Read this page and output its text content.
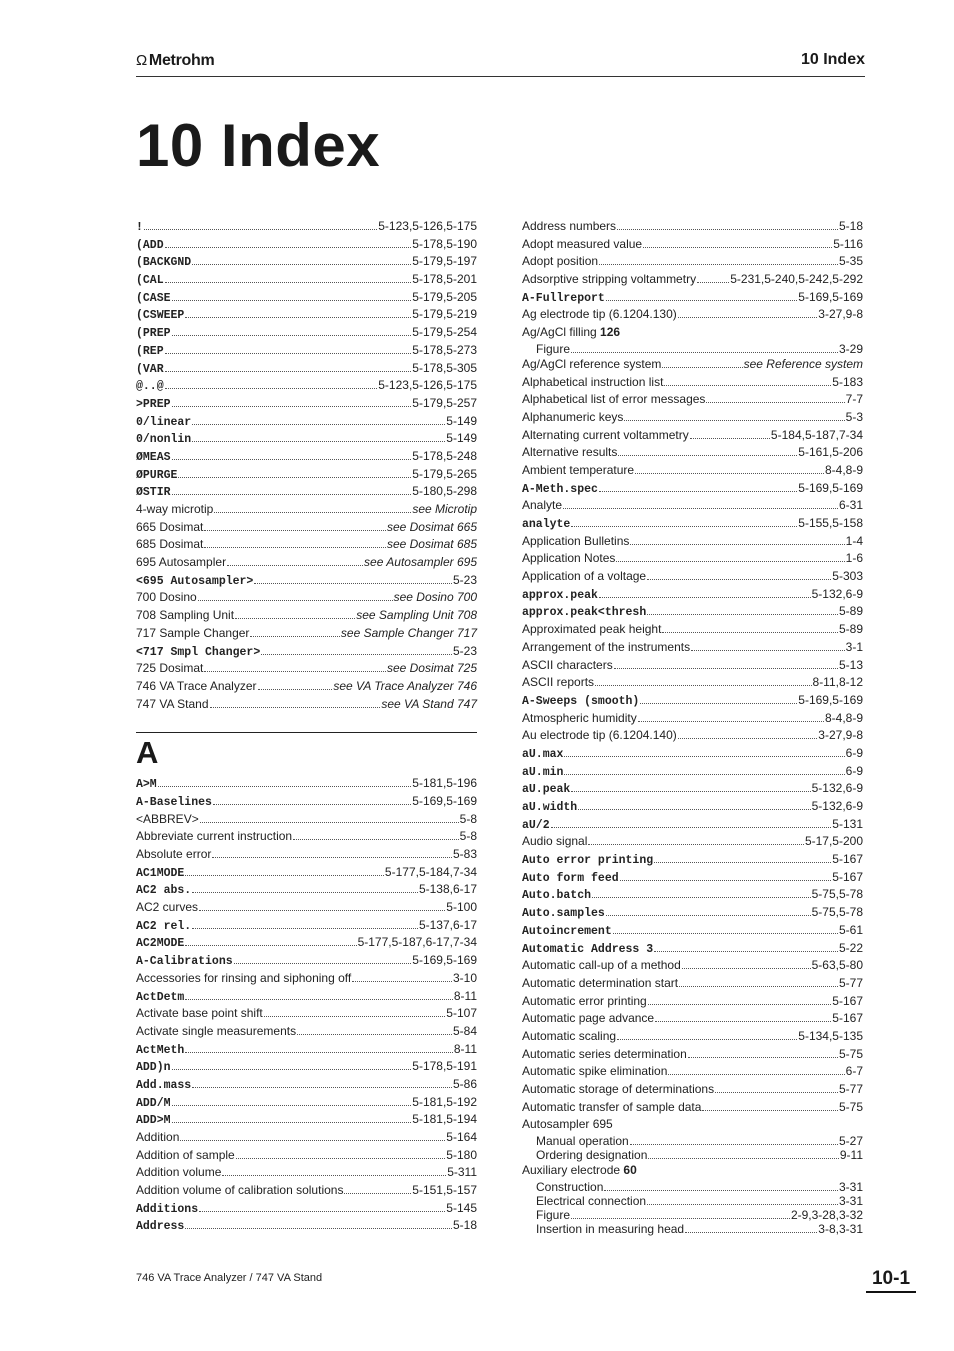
Ω Metrohm	10 Index
10 Index
!	5-123,5-126,5-175
(ADD	5-178,5-190
(BACKGND	5-179,5-197
(CAL	5-178,5-201
(CASE	5-179,5-205
(CSWEEP	5-179,5-219
(PREP	5-179,5-254
(REP	5-178,5-273
(VAR	5-178,5-305
@..@	5-123,5-126,5-175
>PREP	5-179,5-257
0/linear	5-149
0/nonlin	5-149
ØMEAS	5-178,5-248
ØPURGE	5-179,5-265
ØSTIR	5-180,5-298
4-way microtip	see Microtip
665 Dosimat	see Dosimat 665
685 Dosimat	see Dosimat 685
695 Autosampler	see Autosampler 695
<695 Autosampler>	5-23
700 Dosino	see Dosino 700
708 Sampling Unit	see Sampling Unit 708
717 Sample Changer	see Sample Changer 717
<717 Smpl Changer>	5-23
725 Dosimat	see Dosimat 725
746 VA Trace Analyzer	see VA Trace Analyzer 746
747 VA Stand	see VA Stand 747
A
A>M	5-181,5-196
A-Baselines	5-169,5-169
<ABBREV>	5-8
Abbreviate current instruction	5-8
Absolute error	5-83
AC1MODE	5-177,5-184,7-34
AC2 abs.	5-138,6-17
AC2 curves	5-100
AC2 rel.	5-137,6-17
AC2MODE	5-177,5-187,6-17,7-34
A-Calibrations	5-169,5-169
Accessories for rinsing and siphoning off	3-10
ActDetm	8-11
Activate base point shift	5-107
Activate single measurements	5-84
ActMeth	8-11
ADD)n	5-178,5-191
Add.mass	5-86
ADD/M	5-181,5-192
ADD>M	5-181,5-194
Addition	5-164
Addition of sample	5-180
Addition volume	5-311
Addition volume of calibration solutions	5-151,5-157
Additions	5-145
Address	5-18
Address numbers	5-18
Adopt measured value	5-116
Adopt position	5-35
Adsorptive stripping voltammetry	5-231,5-240,5-242,5-292
A-Fullreport	5-169,5-169
Ag electrode tip (6.1204.130)	3-27,9-8
Ag/AgCl filling 126
Figure	3-29
Ag/AgCl reference system	see Reference system
Alphabetical instruction list	5-183
Alphabetical list of error messages	7-7
Alphanumeric keys	5-3
Alternating current voltammetry	5-184,5-187,7-34
Alternative results	5-161,5-206
Ambient temperature	8-4,8-9
A-Meth.spec	5-169,5-169
Analyte	6-31
analyte	5-155,5-158
Application Bulletins	1-4
Application Notes	1-6
Application of a voltage	5-303
approx.peak	5-132,6-9
approx.peak<thresh	5-89
Approximated peak height	5-89
Arrangement of the instruments	3-1
ASCII characters	5-13
ASCII reports	8-11,8-12
A-Sweeps (smooth)	5-169,5-169
Atmospheric humidity	8-4,8-9
Au electrode tip (6.1204.140)	3-27,9-8
aU.max	6-9
aU.min	6-9
aU.peak	5-132,6-9
aU.width	5-132,6-9
aU/2	5-131
Audio signal	5-17,5-200
Auto error printing	5-167
Auto form feed	5-167
Auto.batch	5-75,5-78
Auto.samples	5-75,5-78
Autoincrement	5-61
Automatic Address 3	5-22
Automatic call-up of a method	5-63,5-80
Automatic determination start	5-77
Automatic error printing	5-167
Automatic page advance	5-167
Automatic scaling	5-134,5-135
Automatic series determination	5-75
Automatic spike elimination	6-7
Automatic storage of determinations	5-77
Automatic transfer of sample data	5-75
Autosampler 695
Manual operation	5-27
Ordering designation	9-11
Auxiliary electrode 60
Construction	3-31
Electrical connection	3-31
Figure	2-9,3-28,3-32
Insertion in measuring head	3-8,3-31
746 VA Trace Analyzer / 747 VA Stand	10-1
